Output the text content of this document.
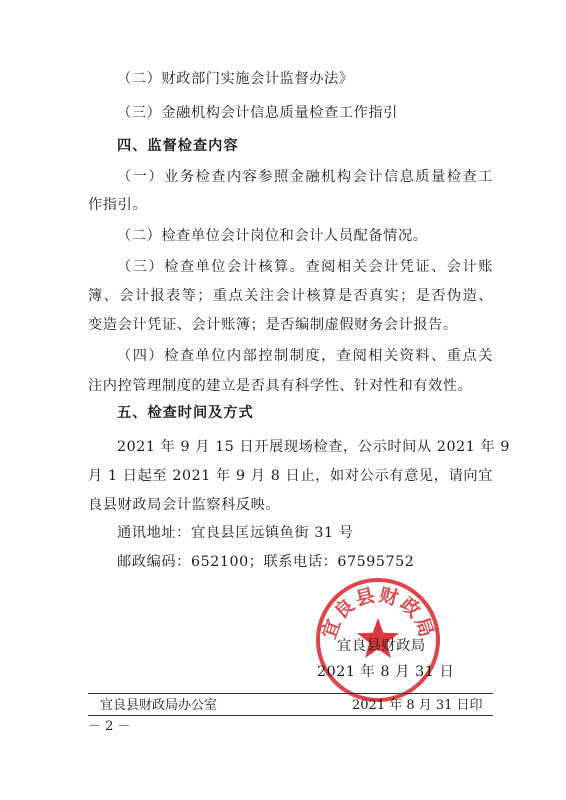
（二）财政部门实施会计监督办法》
（三）金融机构会计信息质量检查工作指引
四、监督检查内容
（一）业务检查内容参照金融机构会计信息质量检查工
作指引。
（二）检查单位会计岗位和会计人员配备情况。
（三）检查单位会计核算。查阅相关会计凭证、会计账
簿、会计报表等；重点关注会计核算是否真实；是否伪造、
变造会计凭证、会计账簿；是否编制虚假财务会计报告。
（四）检查单位内部控制制度，查阅相关资料、重点关
注内控管理制度的建立是否具有科学性、针对性和有效性。
五、检查时间及方式
2021 年 9 月 15 日开展现场检查，公示时间从 2021 年 9
月 1 日起至 2021 年 9 月 8 日止，如对公示有意见，请向宜
良县财政局会计监察科反映。
通讯地址：宜良县匡远镇鱼街 31 号
邮政编码：652100；联系电话：67595752
宜良县财政局
宜良县财政局
2021 年 8 月 31 日
宜良县财政局办公室	2021 年 8 月 31 日印
－ 2 －
